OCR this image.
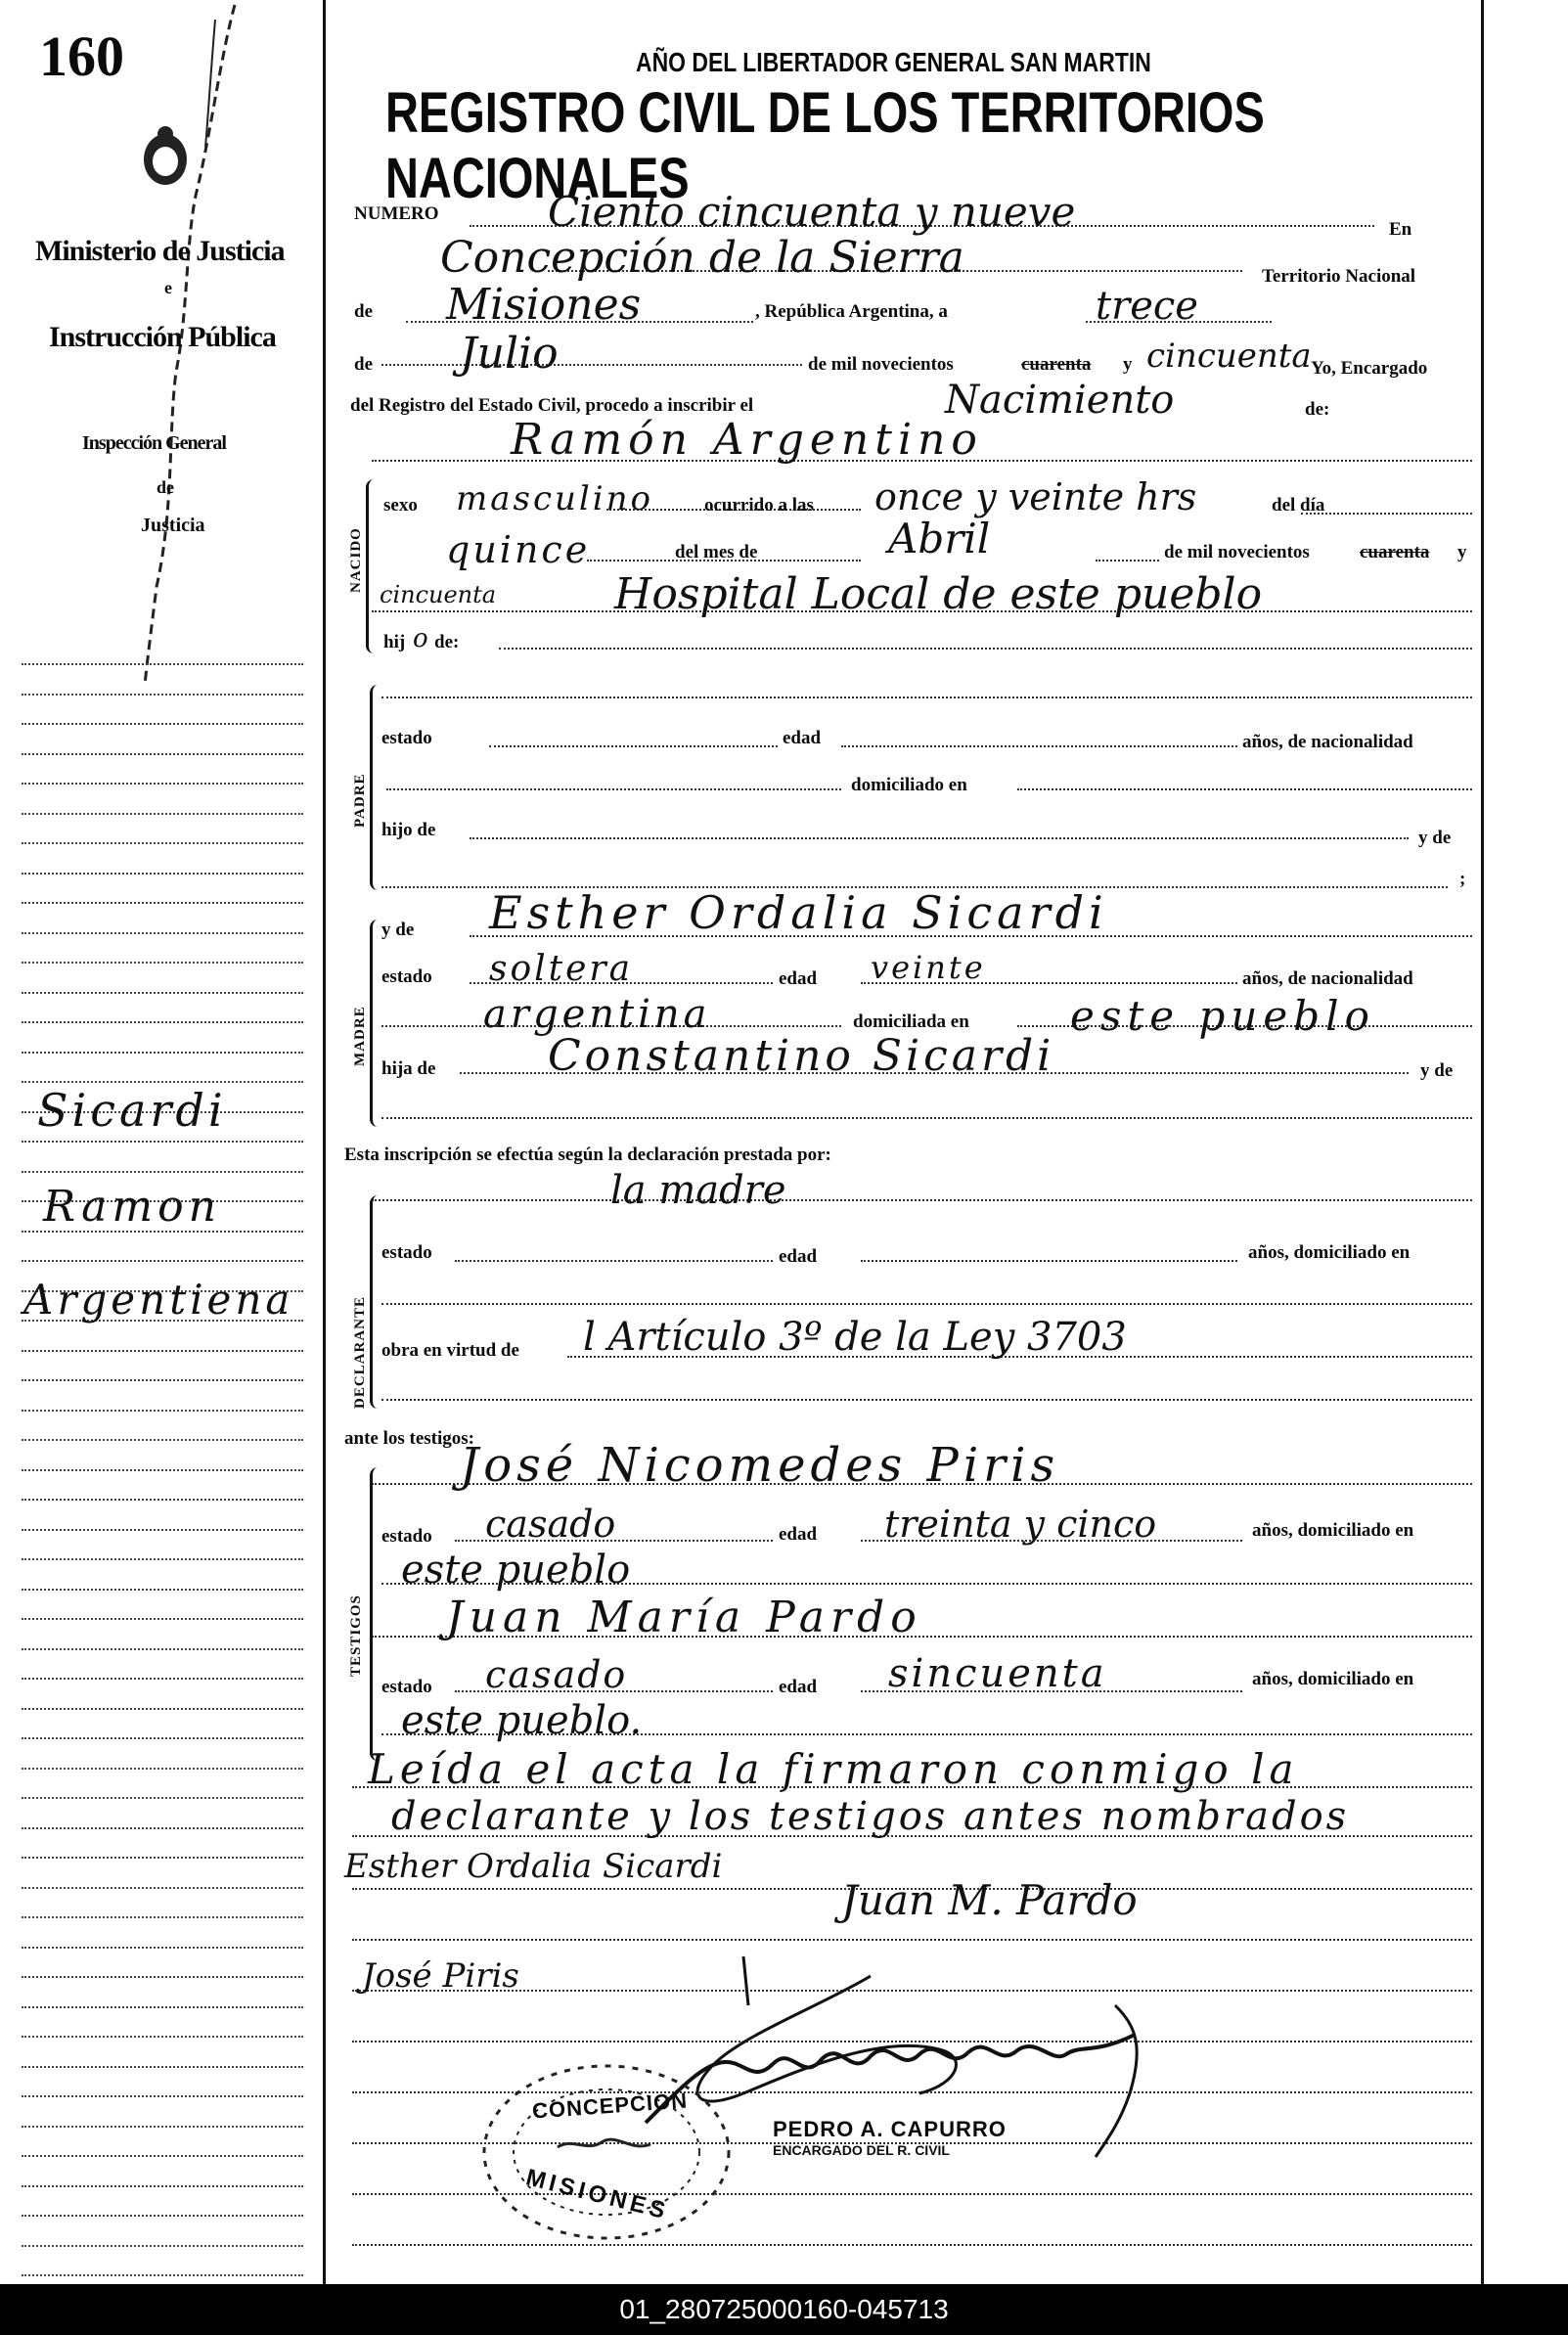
160
Ministerio de Justicia
e
Instrucción Pública
Inspección General
de
Justicia
Sicardi
Ramon
Argentiena
AÑO DEL LIBERTADOR GENERAL SAN MARTIN
REGISTRO CIVIL DE LOS TERRITORIOS NACIONALES
NUMERO	Ciento cincuenta y nueve	En
Concepción de la Sierra	Territorio Nacional
de Misiones	, República Argentina, a	trece
de Julio	de mil novecientos	cuarenta y cincuenta Yo, Encargado
del Registro del Estado Civil, procedo a inscribir el	Nacimiento	de:
NACIDO
Ramón Argentino
sexo masculino	ocurrido a las once y veinte hrs	del día
quince	del mes de	Abril	de mil novecientos	cuarenta y
cincuenta	Hospital Local de este pueblo
hij o de:
PADRE
estado	edad	años, de nacionalidad
domiciliado en
hijo de	y de
;
MADRE
y de Esther Ordalia Sicardi
estado soltera	edad veinte	años, de nacionalidad
argentina	domiciliada en este pueblo
hija de	Constantino Sicardi	y de
Esta inscripción se efectúa según la declaración prestada por:
DECLARANTE
la madre
estado	edad	años, domiciliado en
obra en virtud de l Artículo 3º de la Ley 3703
ante los testigos:
TESTIGOS
José Nicomedes Piris
estado casado	edad treinta y cinco	años, domiciliado en
este pueblo
Juan María Pardo
estado casado	edad sincuenta	años, domiciliado en
este pueblo.
Leída el acta la firmaron conmigo la
declarante y los testigos antes nombrados
Esther Ordalia Sicardi
Juan M. Pardo
José Piris
CONCEPCION
MISIONES
PEDRO A. CAPURRO
ENCARGADO DEL R. CIVIL
01_280725000160-045713
